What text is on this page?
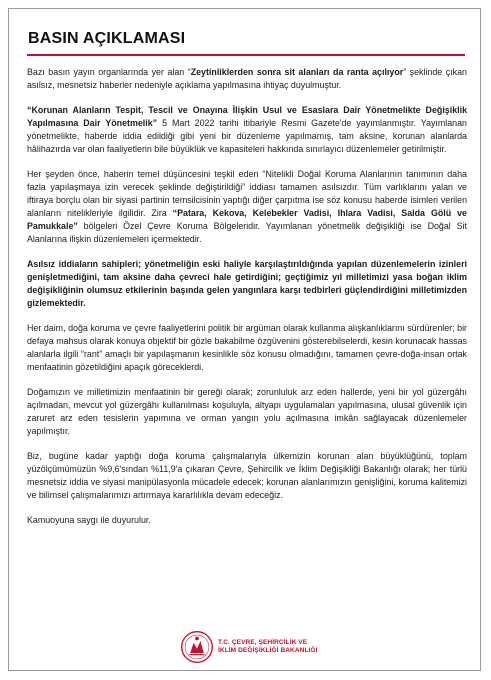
BASIN AÇIKLAMASI

Bazı basın yayın organlarında yer alan “Zeytinliklerden sonra sit alanları da ranta açılıyor” şeklinde çıkan asılsız, mesnetsiz haberler nedeniyle açıklama yapılmasına ihtiyaç duyulmuştur.

“Korunan Alanların Tespit, Tescil ve Onayına İlişkin Usul ve Esaslara Dair Yönetmelikte Değişiklik Yapılmasına Dair Yönetmelik” 5 Mart 2022 tarihi itibariyle Resmi Gazete'de yayımlanmıştır. Yayımlanan yönetmelikte, haberde iddia edildiği gibi yeni bir düzenleme yapılmamış, tam aksine, korunan alanlarda hâlihazırda var olan faaliyetlerin bile büyüklük ve kapasiteleri hakkında sınırlayıcı düzenlemeler getirilmiştir.

Her şeyden önce, haberin temel düşüncesini teşkil eden “Nitelikli Doğal Koruma Alanlarının tanımının daha fazla yapılaşmaya izin verecek şeklinde değiştirildiği” iddiası tamamen asılsızdır. Tüm varlıklarını yalan ve iftiraya borçlu olan bir siyasi partinin temsilcisinin yaptığı diğer çarpıtma ise söz konusu haberde isimleri verilen alanların nitelikleriyle ilgilidir. Zira “Patara, Kekova, Kelebekler Vadisi, Ihlara Vadisi, Salda Gölü ve Pamukkale” bölgeleri Özel Çevre Koruma Bölgeleridir. Yayımlanan yönetmelik değişikliği ise Doğal Sit Alanlarına ilişkin düzenlemeleri içermektedir.

Asılsız iddiaların sahipleri; yönetmeliğin eski haliyle karşılaştırıldığında yapılan düzenlemelerin izinleri genişletmediğini, tam aksine daha çevreci hale getirdiğini; geçtiğimiz yıl milletimizi yasa boğan iklim değişikliğinin olumsuz etkilerinin başında gelen yangınlara karşı tedbirleri güçlendirdiğini milletimizden gizlemektedir.

Her daim, doğa koruma ve çevre faaliyetlerini politik bir argüman olarak kullanma alışkanlıklarını sürdürenler; bir defaya mahsus olarak konuya objektif bir gözle bakabilme özgüvenini gösterebilselerdi, kesin korunacak hassas alanlarla ilgili “rant” amaçlı bir yapılaşmanın kesinlikle söz konusu olmadığını, tamamen çevre-doğa-insan ortak menfaatinin gözetildiğini apaçık göreceklerdi.

Doğamızın ve milletimizin menfaatinin bir gereği olarak; zorunluluk arz eden hallerde, yeni bir yol güzergâhı açılmadan, mevcut yol güzergâhı kullanılması koşuluyla, altyapı uygulamaları yapılmasına, ulusal güvenlik için zaruret arz eden tesislerin yapımına ve orman yangın yolu açılmasına imkân sağlayacak düzenlemeler yapılmıştır.

Biz, bugüne kadar yaptığı doğa koruma çalışmalarıyla ülkemizin korunan alan büyüklüğünü, toplam yüzölçümümüzün %9,6'sından %11,9'a çıkaran Çevre, Şehircilik ve İklim Değişikliği Bakanlığı olarak; her türlü mesnetsiz iddia ve siyasi manipülasyonla mücadele edecek; korunan alanlarımızın genişliğini, koruma kalitemizi ve bilimsel çalışmalarımızı artırmaya kararlılıkla devam edeceğiz.

Kamuoyuna saygı ile duyurulur.

T.C. ÇEVRE, ŞEHİRCİLİK VE
İKLİM DEĞİŞİKLİĞİ BAKANLIĞI
